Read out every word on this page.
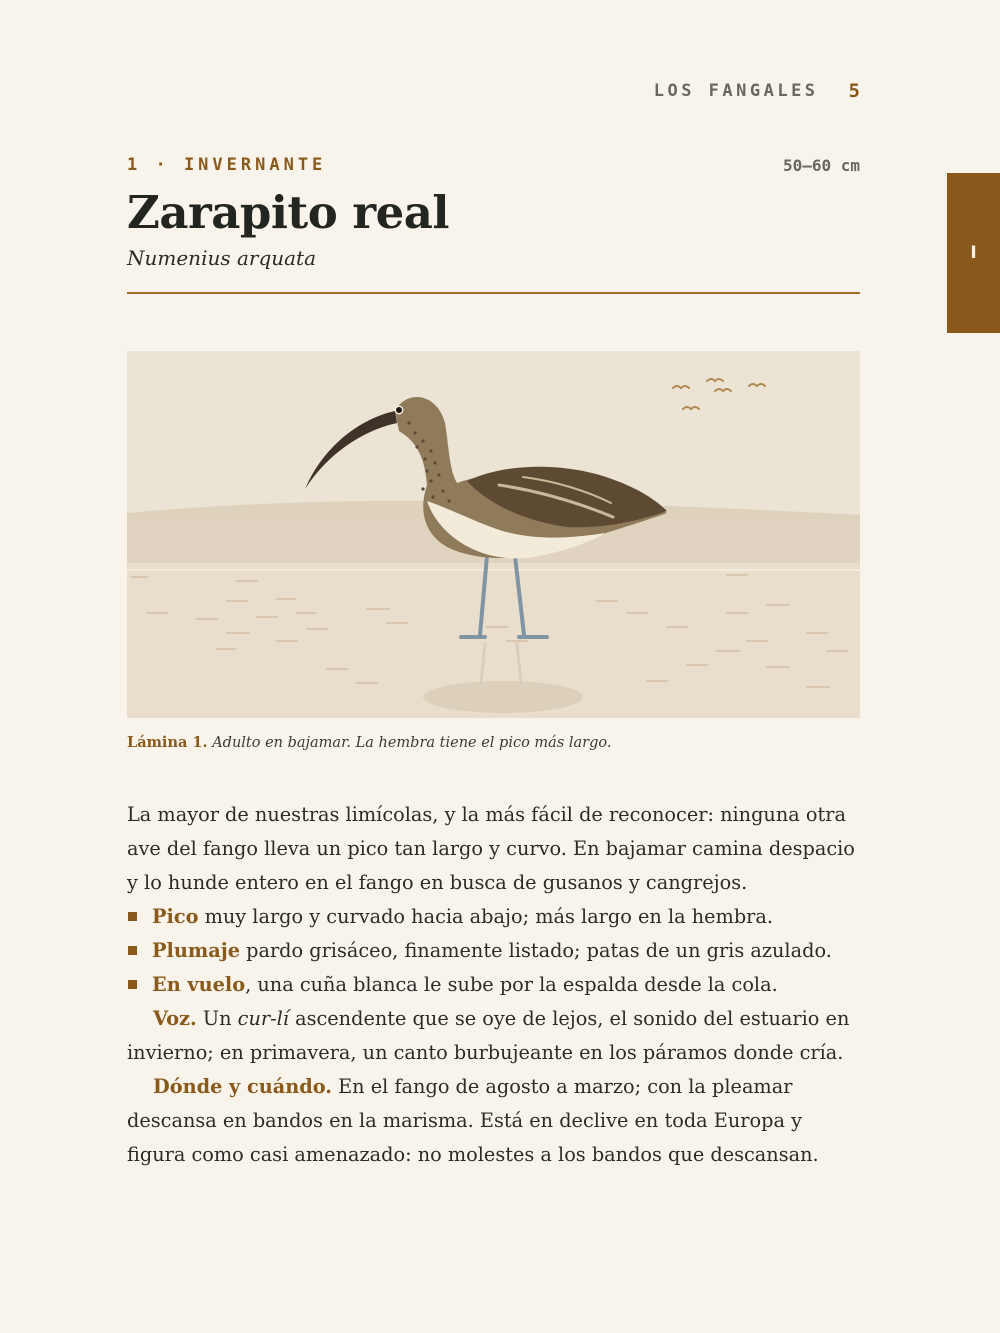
LOS FANGALES 5
I
1 · INVERNANTE	50–60 cm
Zarapito real

Numenius arquata

Lámina 1. Adulto en bajamar. La hembra tiene el pico más largo.

La mayor de nuestras limícolas, y la más fácil de reconocer: ninguna otra ave del fango lleva un pico tan largo y curvo. En bajamar camina despacio y lo hunde entero en el fango en busca de gusanos y cangrejos.

Pico muy largo y curvado hacia abajo; más largo en la hembra.
Plumaje pardo grisáceo, finamente listado; patas de un gris azulado.
En vuelo, una cuña blanca le sube por la espalda desde la cola.

Voz. Un cur-lí ascendente que se oye de lejos, el sonido del estuario en invierno; en primavera, un canto burbujeante en los páramos donde cría.

Dónde y cuándo. En el fango de agosto a marzo; con la pleamar descansa en bandos en la marisma. Está en declive en toda Europa y figura como casi amenazado: no molestes a los bandos que descansan.
